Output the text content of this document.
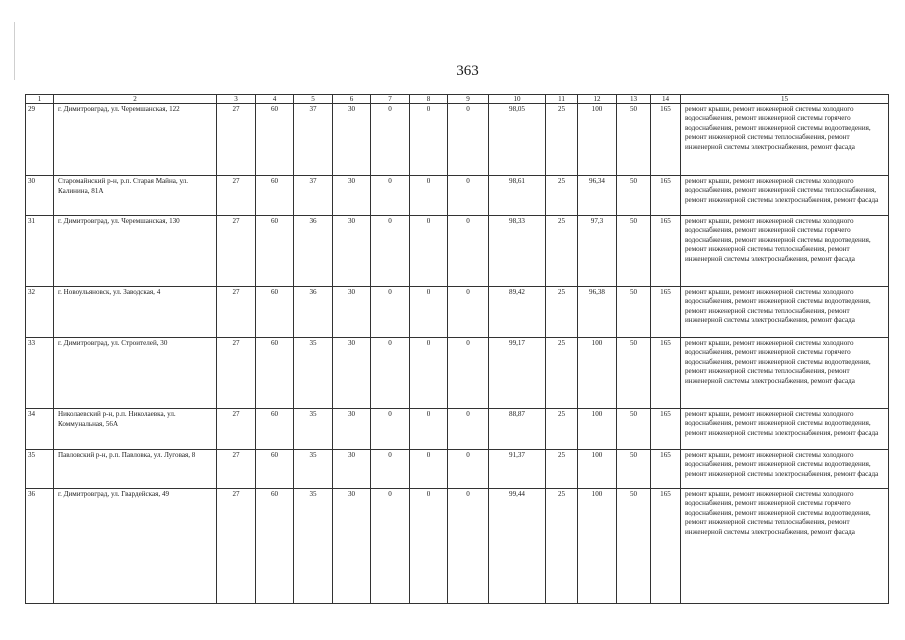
363
1	2	3	4	5	6	7	8	9	10	11	12	13	14	15
29	г. Димитровград, ул. Черемшанская, 122	27	60	37	30	0	0	0	98,05	25	100	50	165	ремонт крыши, ремонт инженерной системы холодного водоснабжения, ремонт инженерной системы горячего водоснабжения, ремонт инженерной системы водоотведения, ремонт инженерной системы теплоснабжения, ремонт инженерной системы электроснабжения, ремонт фасада
30	Старомайнский р-н, р.п. Старая Майна, ул. Калинина, 81А	27	60	37	30	0	0	0	98,61	25	96,34	50	165	ремонт крыши, ремонт инженерной системы холодного водоснабжения, ремонт инженерной системы теплоснабжения, ремонт инженерной системы электроснабжения, ремонт фасада
31	г. Димитровград, ул. Черемшанская, 130	27	60	36	30	0	0	0	98,33	25	97,3	50	165	ремонт крыши, ремонт инженерной системы холодного водоснабжения, ремонт инженерной системы горячего водоснабжения, ремонт инженерной системы водоотведения, ремонт инженерной системы теплоснабжения, ремонт инженерной системы электроснабжения, ремонт фасада
32	г. Новоульяновск, ул. Заводская, 4	27	60	36	30	0	0	0	89,42	25	96,38	50	165	ремонт крыши, ремонт инженерной системы холодного водоснабжения, ремонт инженерной системы водоотведения, ремонт инженерной системы теплоснабжения, ремонт инженерной системы электроснабжения, ремонт фасада
33	г. Димитровград, ул. Строителей, 30	27	60	35	30	0	0	0	99,17	25	100	50	165	ремонт крыши, ремонт инженерной системы холодного водоснабжения, ремонт инженерной системы горячего водоснабжения, ремонт инженерной системы водоотведения, ремонт инженерной системы теплоснабжения, ремонт инженерной системы электроснабжения, ремонт фасада
34	Николаевский р-н, р.п. Николаевка, ул. Коммунальная, 56А	27	60	35	30	0	0	0	88,87	25	100	50	165	ремонт крыши, ремонт инженерной системы холодного водоснабжения, ремонт инженерной системы водоотведения, ремонт инженерной системы электроснабжения, ремонт фасада
35	Павловский р-н, р.п. Павловка, ул. Луговая, 8	27	60	35	30	0	0	0	91,37	25	100	50	165	ремонт крыши, ремонт инженерной системы холодного водоснабжения, ремонт инженерной системы водоотведения, ремонт инженерной системы электроснабжения, ремонт фасада
36	г. Димитровград, ул. Гвардейская, 49	27	60	35	30	0	0	0	99,44	25	100	50	165	ремонт крыши, ремонт инженерной системы холодного водоснабжения, ремонт инженерной системы горячего водоснабжения, ремонт инженерной системы водоотведения, ремонт инженерной системы теплоснабжения, ремонт инженерной системы электроснабжения, ремонт фасада
